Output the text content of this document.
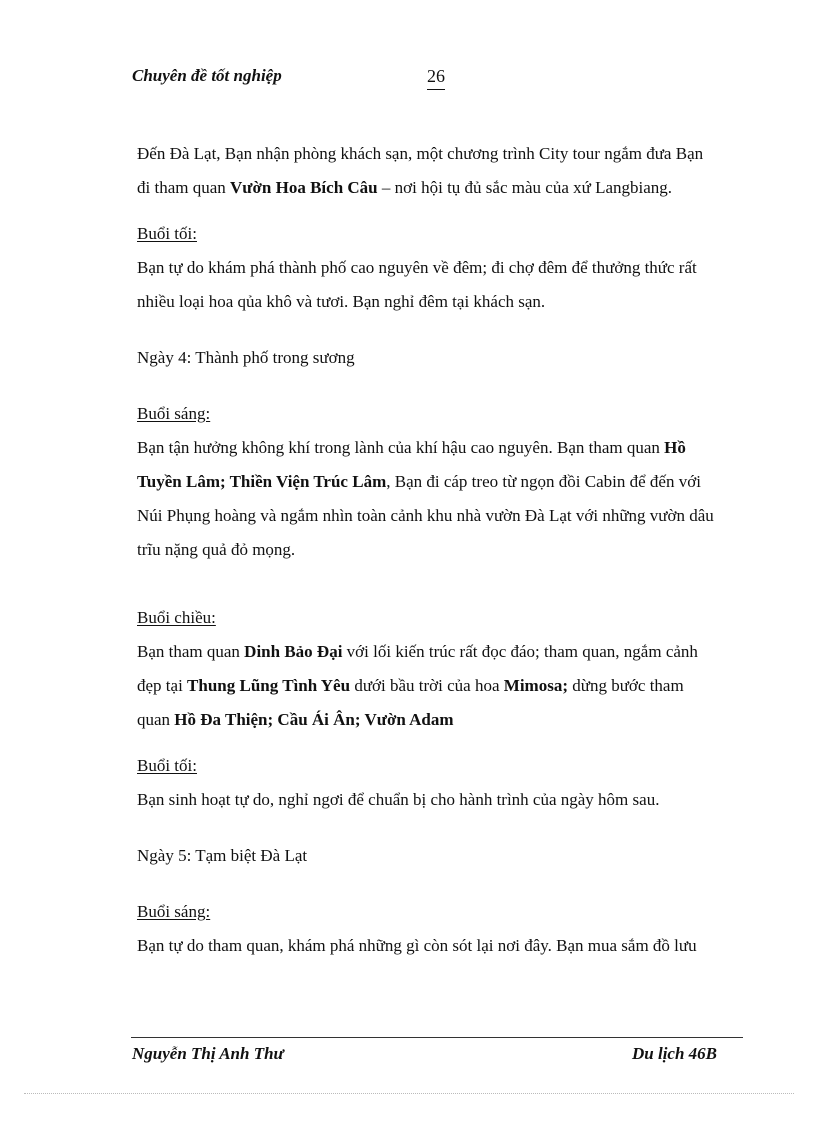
Chuyên đề tốt nghiệp	26

Đến Đà Lạt, Bạn nhận phòng khách sạn, một chương trình City tour ngắm đưa Bạn
đi tham quan Vườn Hoa Bích Câu – nơi hội tụ đủ sắc màu của xứ Langbiang.

Buổi tối:

Bạn tự do khám phá thành phố cao nguyên về đêm; đi chợ đêm để thưởng thức rất
nhiều loại hoa qủa khô và tươi. Bạn nghỉ đêm tại khách sạn.

Ngày 4: Thành phố trong sương

Buổi sáng:

Bạn tận hưởng không khí trong lành của khí hậu cao nguyên. Bạn tham quan Hồ
Tuyền Lâm; Thiền Viện Trúc Lâm, Bạn đi cáp treo từ ngọn đồi Cabin để đến với
Núi Phụng hoàng và ngắm nhìn toàn cảnh khu nhà vườn Đà Lạt với những vườn dâu
trĩu nặng quả đỏ mọng.

Buổi chiều:

Bạn tham quan Dinh Bảo Đại với lối kiến trúc rất đọc đáo; tham quan, ngắm cảnh
đẹp tại Thung Lũng Tình Yêu dưới bầu trời của hoa Mimosa; dừng bước tham
quan Hồ Đa Thiện; Cầu Ái Ân; Vườn Adam

Buổi tối:

Bạn sinh hoạt tự do, nghỉ ngơi để chuẩn bị cho hành trình của ngày hôm sau.

Ngày 5: Tạm biệt Đà Lạt

Buổi sáng:

Bạn tự do tham quan, khám phá những gì còn sót lại nơi đây. Bạn mua sắm đồ lưu

Nguyễn Thị Anh Thư	Du lịch 46B
